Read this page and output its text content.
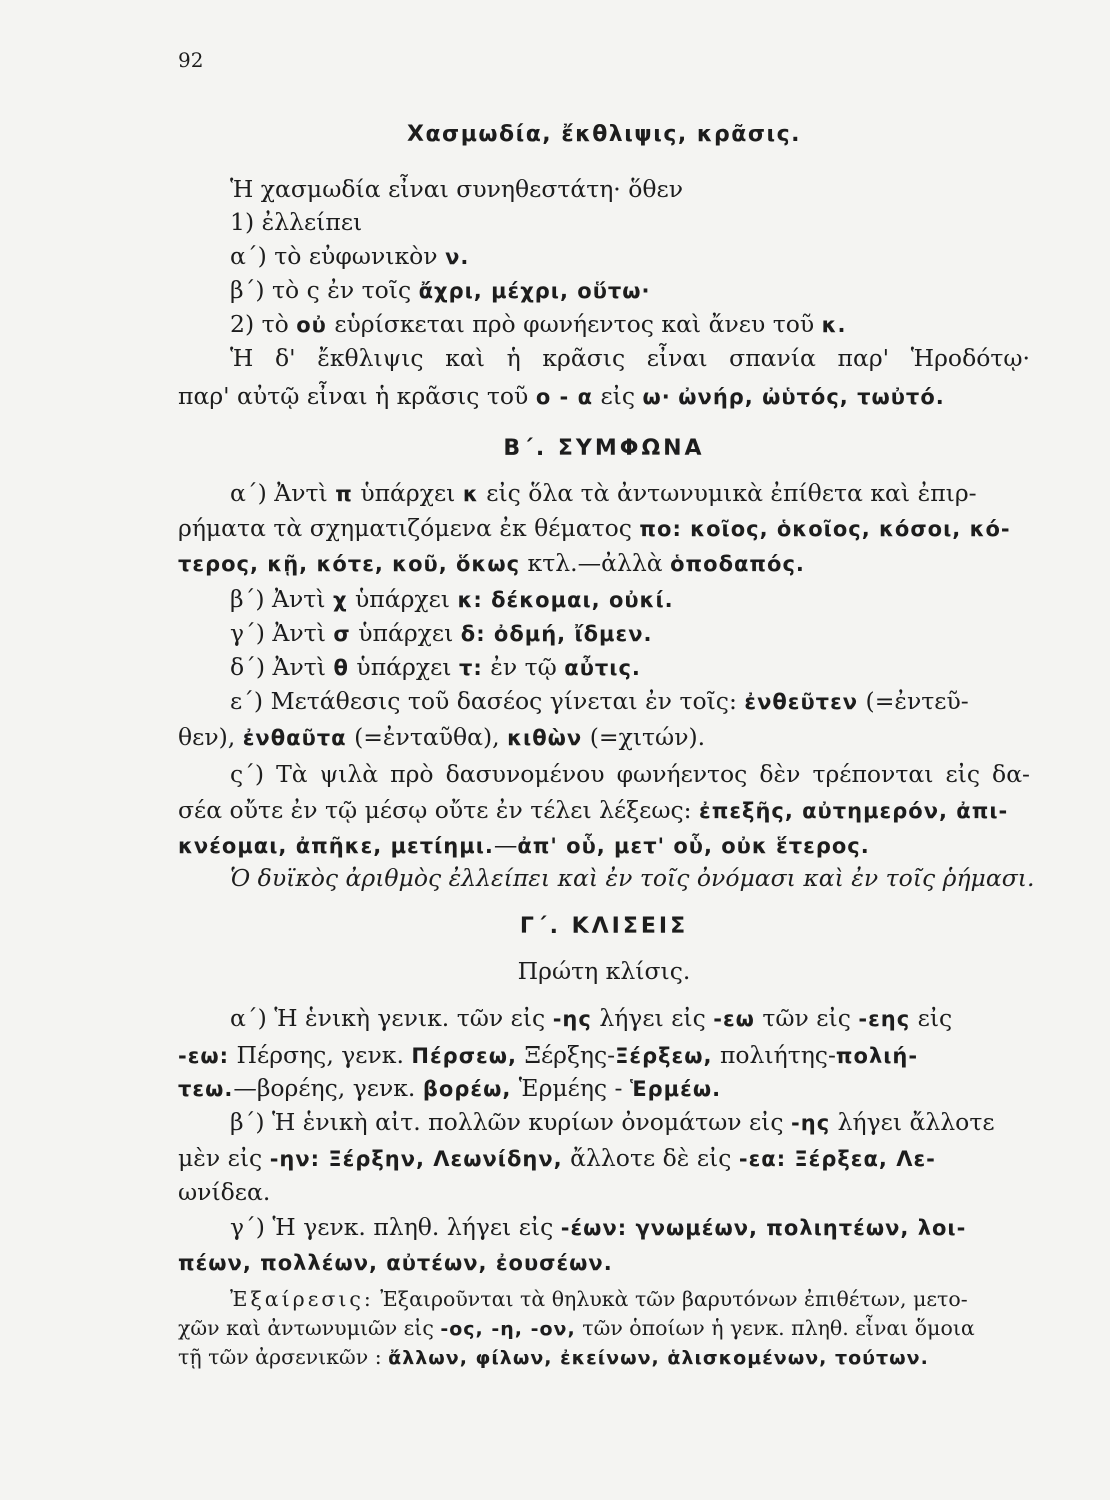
92
Χασμωδία, ἔκθλιψις, κρᾶσις.
Ἡ χασμωδία εἶναι συνηθεστάτη· ὅθεν
1) ἐλλείπει
α΄) τὸ εὐφωνικὸν ν.
β΄) τὸ ς ἐν τοῖς ἄχρι, μέχρι, οὕτω·
2) τὸ οὐ εὑρίσκεται πρὸ φωνήεντος καὶ ἄνευ τοῦ κ.
Ἡ δ' ἔκθλιψις καὶ ἡ κρᾶσις εἶναι σπανία παρ' Ἡροδότῳ·
παρ' αὐτῷ εἶναι ἡ κρᾶσις τοῦ ο - α εἰς ω· ὠνήρ, ὠὑτός, τωὐτό.
Β΄. ΣΥΜΦΩΝΑ
α΄) Ἀντὶ π ὑπάρχει κ εἰς ὅλα τὰ ἀντωνυμικὰ ἐπίθετα καὶ ἐπιρ-
ρήματα τὰ σχηματιζόμενα ἐκ θέματος πο: κοῖος, ὁκοῖος, κόσοι, κό-
τερος, κῇ, κότε, κοῦ, ὅκως κτλ.—ἀλλὰ ὁποδαπός.
β΄) Ἀντὶ χ ὑπάρχει κ: δέκομαι, οὐκί.
γ΄) Ἀντὶ σ ὑπάρχει δ: ὀδμή, ἴδμεν.
δ΄) Ἀντὶ θ ὑπάρχει τ: ἐν τῷ αὖτις.
ε΄) Μετάθεσις τοῦ δασέος γίνεται ἐν τοῖς: ἐνθεῦτεν (=ἐντεῦ-
θεν), ἐνθαῦτα (=ἐνταῦθα), κιθὼν (=χιτών).
ς΄) Τὰ ψιλὰ πρὸ δασυνομένου φωνήεντος δὲν τρέπονται εἰς δα-
σέα οὔτε ἐν τῷ μέσῳ οὔτε ἐν τέλει λέξεως: ἐπεξῆς, αὐτημερόν, ἀπι-
κνέομαι, ἀπῆκε, μετίημι.—ἀπ' οὗ, μετ' οὗ, οὐκ ἕτερος.
Ὁ δυϊκὸς ἀριθμὸς ἐλλείπει καὶ ἐν τοῖς ὀνόμασι καὶ ἐν τοῖς ῥήμασι.
Γ΄. ΚΛΙΣΕΙΣ
Πρώτη κλίσις.
α΄) Ἡ ἑνικὴ γενικ. τῶν εἰς -ης λήγει εἰς -εω τῶν εἰς -εης εἰς
-εω: Πέρσης, γενκ. Πέρσεω, Ξέρξης-Ξέρξεω, πολιήτης-πολιή-
τεω.—βορέης, γενκ. βορέω, Ἑρμέης - Ἑρμέω.
β΄) Ἡ ἑνικὴ αἰτ. πολλῶν κυρίων ὀνομάτων εἰς -ης λήγει ἄλλοτε
μὲν εἰς -ην: Ξέρξην, Λεωνίδην, ἄλλοτε δὲ εἰς -εα: Ξέρξεα, Λε-
ωνίδεα.
γ΄) Ἡ γενκ. πληθ. λήγει εἰς -έων: γνωμέων, πολιητέων, λοι-
πέων, πολλέων, αὐτέων, ἐουσέων.
Ἐξαίρεσις: Ἐξαιροῦνται τὰ θηλυκὰ τῶν βαρυτόνων ἐπιθέτων, μετο-
χῶν καὶ ἀντωνυμιῶν εἰς -ος, -η, -ον, τῶν ὁποίων ἡ γενκ. πληθ. εἶναι ὅμοια
τῇ τῶν ἀρσενικῶν : ἄλλων, φίλων, ἐκείνων, ἁλισκομένων, τούτων.
